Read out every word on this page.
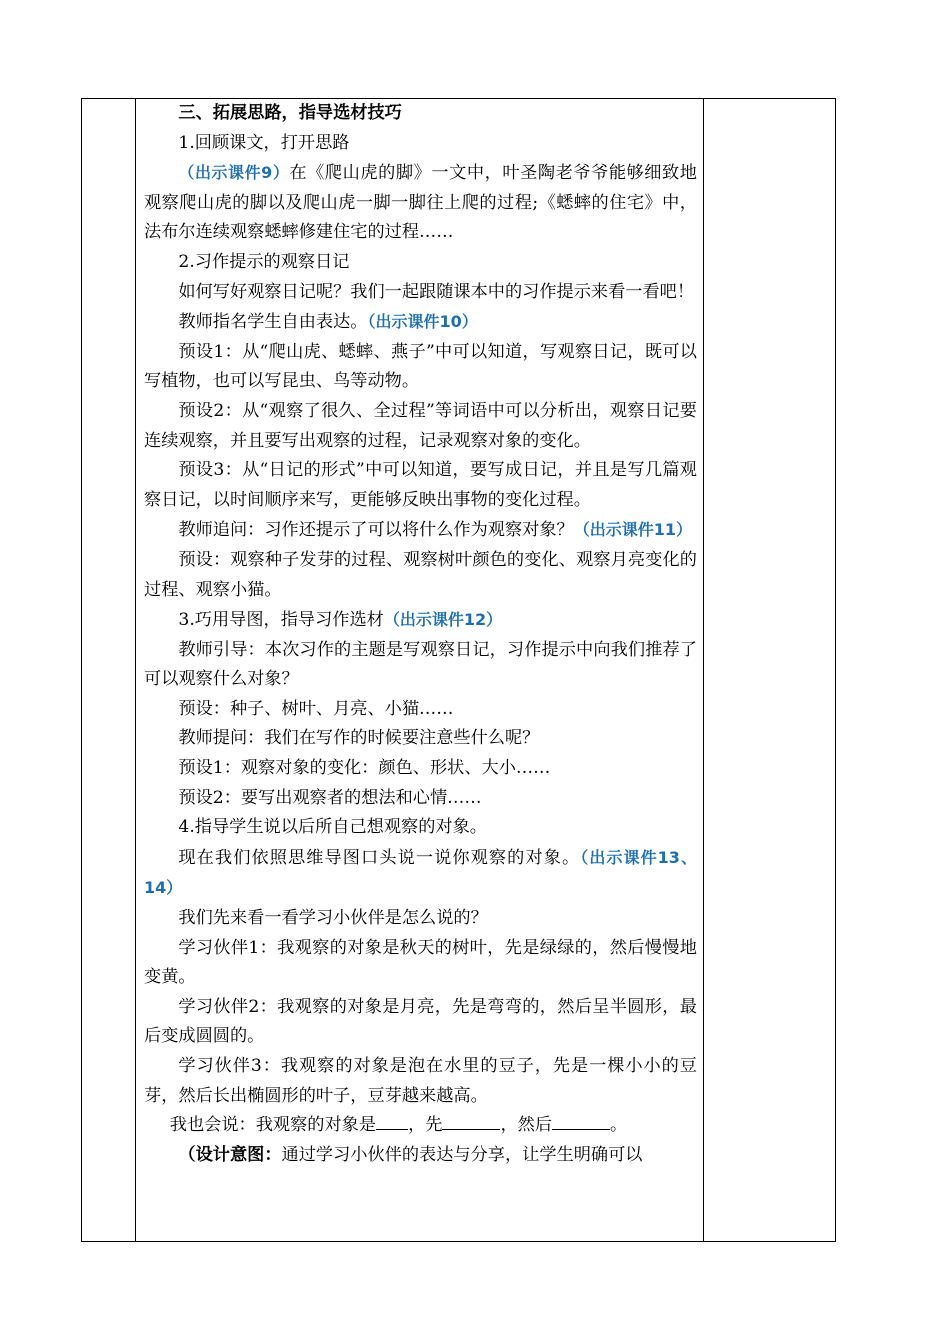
三、拓展思路，指导选材技巧

1.回顾课文，打开思路

（出示课件9）在《爬山虎的脚》一文中，叶圣陶老爷爷能够细致地观察爬山虎的脚以及爬山虎一脚一脚往上爬的过程;《蟋蟀的住宅》中，法布尔连续观察蟋蟀修建住宅的过程……

2.习作提示的观察日记

如何写好观察日记呢？我们一起跟随课本中的习作提示来看一看吧！

教师指名学生自由表达。（出示课件10）

预设1：从“爬山虎、蟋蟀、燕子”中可以知道，写观察日记，既可以写植物，也可以写昆虫、鸟等动物。

预设2：从“观察了很久、全过程”等词语中可以分析出，观察日记要连续观察，并且要写出观察的过程，记录观察对象的变化。

预设3：从“日记的形式”中可以知道，要写成日记，并且是写几篇观察日记，以时间顺序来写，更能够反映出事物的变化过程。

教师追问：习作还提示了可以将什么作为观察对象？（出示课件11）

预设：观察种子发芽的过程、观察树叶颜色的变化、观察月亮变化的过程、观察小猫。

3.巧用导图，指导习作选材（出示课件12）

教师引导：本次习作的主题是写观察日记，习作提示中向我们推荐了可以观察什么对象？

预设：种子、树叶、月亮、小猫……

教师提问：我们在写作的时候要注意些什么呢？

预设1：观察对象的变化：颜色、形状、大小……

预设2：要写出观察者的想法和心情……

4.指导学生说以后所自己想观察的对象。

现在我们依照思维导图口头说一说你观察的对象。（出示课件13、14）

我们先来看一看学习小伙伴是怎么说的？

学习伙伴1：我观察的对象是秋天的树叶，先是绿绿的，然后慢慢地变黄。

学习伙伴2：我观察的对象是月亮，先是弯弯的，然后呈半圆形，最后变成圆圆的。

学习伙伴3：我观察的对象是泡在水里的豆子，先是一棵小小的豆芽，然后长出椭圆形的叶子，豆芽越来越高。

我也会说：我观察的对象是 ，先	，然后	。

（设计意图：通过学习小伙伴的表达与分享，让学生明确可以
